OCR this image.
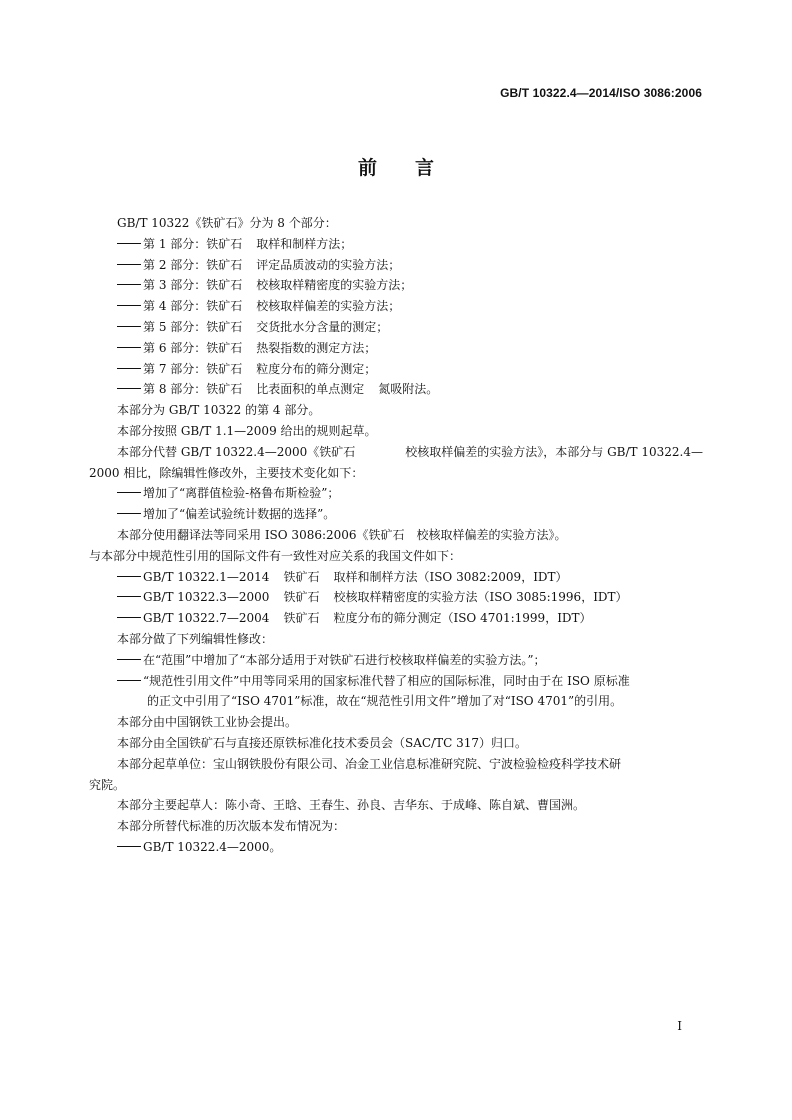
GB/T 10322.4—2014/ISO 3086:2006
前言

GB/T 10322《铁矿石》分为 8 个部分：

第 1 部分：铁矿石 取样和制样方法；

第 2 部分：铁矿石 评定品质波动的实验方法；

第 3 部分：铁矿石 校核取样精密度的实验方法；

第 4 部分：铁矿石 校核取样偏差的实验方法；

第 5 部分：铁矿石 交货批水分含量的测定；

第 6 部分：铁矿石 热裂指数的测定方法；

第 7 部分：铁矿石 粒度分布的筛分测定；

第 8 部分：铁矿石 比表面积的单点测定 氮吸附法。

本部分为 GB/T 10322 的第 4 部分。

本部分按照 GB/T 1.1—2009 给出的规则起草。

本部分代替 GB/T 10322.4—2000《铁矿石	校核取样偏差的实验方法》，本部分与 GB/T 10322.4—

2000 相比，除编辑性修改外，主要技术变化如下：

增加了“离群值检验-格鲁布斯检验”；

增加了“偏差试验统计数据的选择”。

本部分使用翻译法等同采用 ISO 3086:2006《铁矿石　校核取样偏差的实验方法》。

与本部分中规范性引用的国际文件有一致性对应关系的我国文件如下：

GB/T 10322.1—2014 铁矿石 取样和制样方法（ISO 3082:2009，IDT）

GB/T 10322.3—2000 铁矿石 校核取样精密度的实验方法（ISO 3085:1996，IDT）

GB/T 10322.7—2004 铁矿石 粒度分布的筛分测定（ISO 4701:1999，IDT）

本部分做了下列编辑性修改：

在“范围”中增加了“本部分适用于对铁矿石进行校核取样偏差的实验方法。”；

“规范性引用文件”中用等同采用的国家标准代替了相应的国际标准，同时由于在 ISO 原标准

的正文中引用了“ISO 4701”标准，故在“规范性引用文件”增加了对“ISO 4701”的引用。

本部分由中国钢铁工业协会提出。

本部分由全国铁矿石与直接还原铁标准化技术委员会（SAC/TC 317）归口。

本部分起草单位：宝山钢铁股份有限公司、冶金工业信息标准研究院、宁波检验检疫科学技术研

究院。

本部分主要起草人：陈小奇、王晗、王春生、孙良、吉华东、于成峰、陈自斌、曹国洲。

本部分所替代标准的历次版本发布情况为：

GB/T 10322.4—2000。

I
